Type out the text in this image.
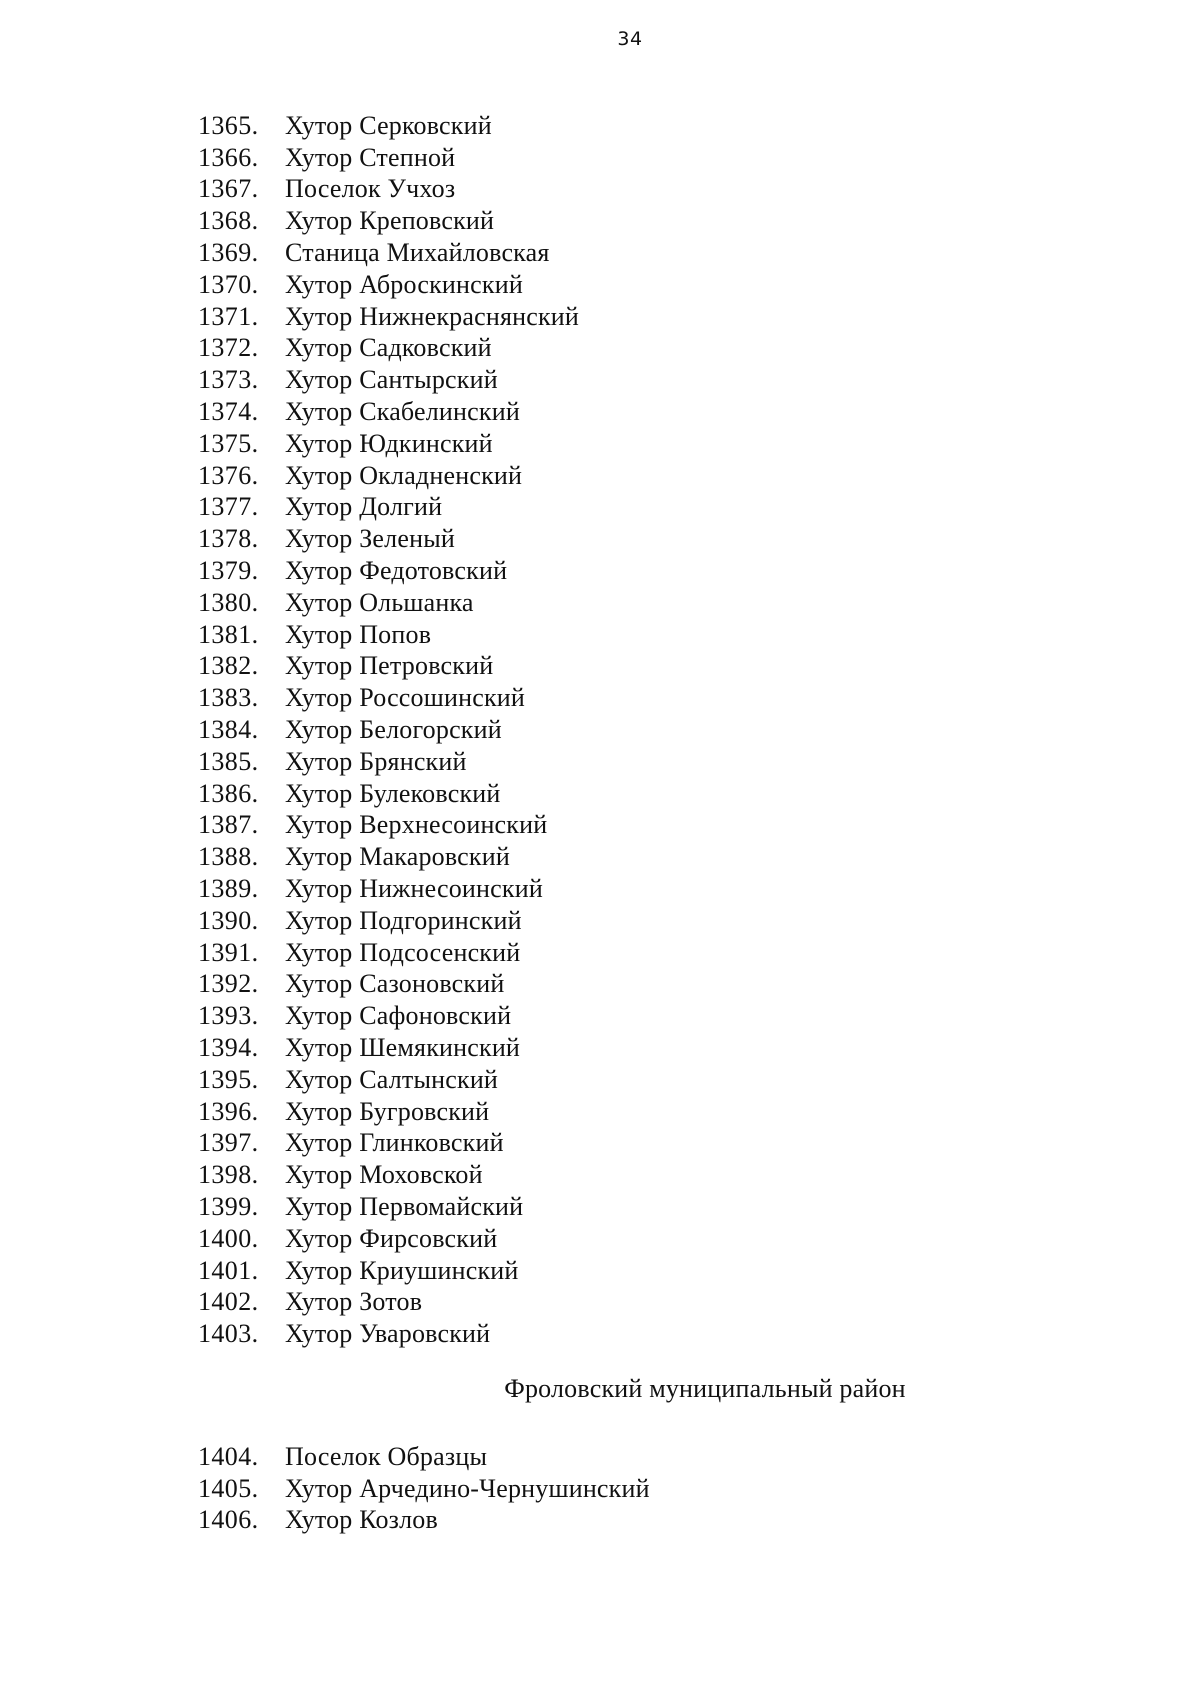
34
1365.	Хутор Серковский
1366.	Хутор Степной
1367.	Поселок Учхоз
1368.	Хутор Креповский
1369.	Станица Михайловская
1370.	Хутор Аброскинский
1371.	Хутор Нижнекраснянский
1372.	Хутор Садковский
1373.	Хутор Сантырский
1374.	Хутор Скабелинский
1375.	Хутор Юдкинский
1376.	Хутор Окладненский
1377.	Хутор Долгий
1378.	Хутор Зеленый
1379.	Хутор Федотовский
1380.	Хутор Ольшанка
1381.	Хутор Попов
1382.	Хутор Петровский
1383.	Хутор Россошинский
1384.	Хутор Белогорский
1385.	Хутор Брянский
1386.	Хутор Булековский
1387.	Хутор Верхнесоинский
1388.	Хутор Макаровский
1389.	Хутор Нижнесоинский
1390.	Хутор Подгоринский
1391.	Хутор Подсосенский
1392.	Хутор Сазоновский
1393.	Хутор Сафоновский
1394.	Хутор Шемякинский
1395.	Хутор Салтынский
1396.	Хутор Бугровский
1397.	Хутор Глинковский
1398.	Хутор Моховской
1399.	Хутор Первомайский
1400.	Хутор Фирсовский
1401.	Хутор Криушинский
1402.	Хутор Зотов
1403.	Хутор Уваровский
Фроловский муниципальный район
1404.	Поселок Образцы
1405.	Хутор Арчедино-Чернушинский
1406.	Хутор Козлов
